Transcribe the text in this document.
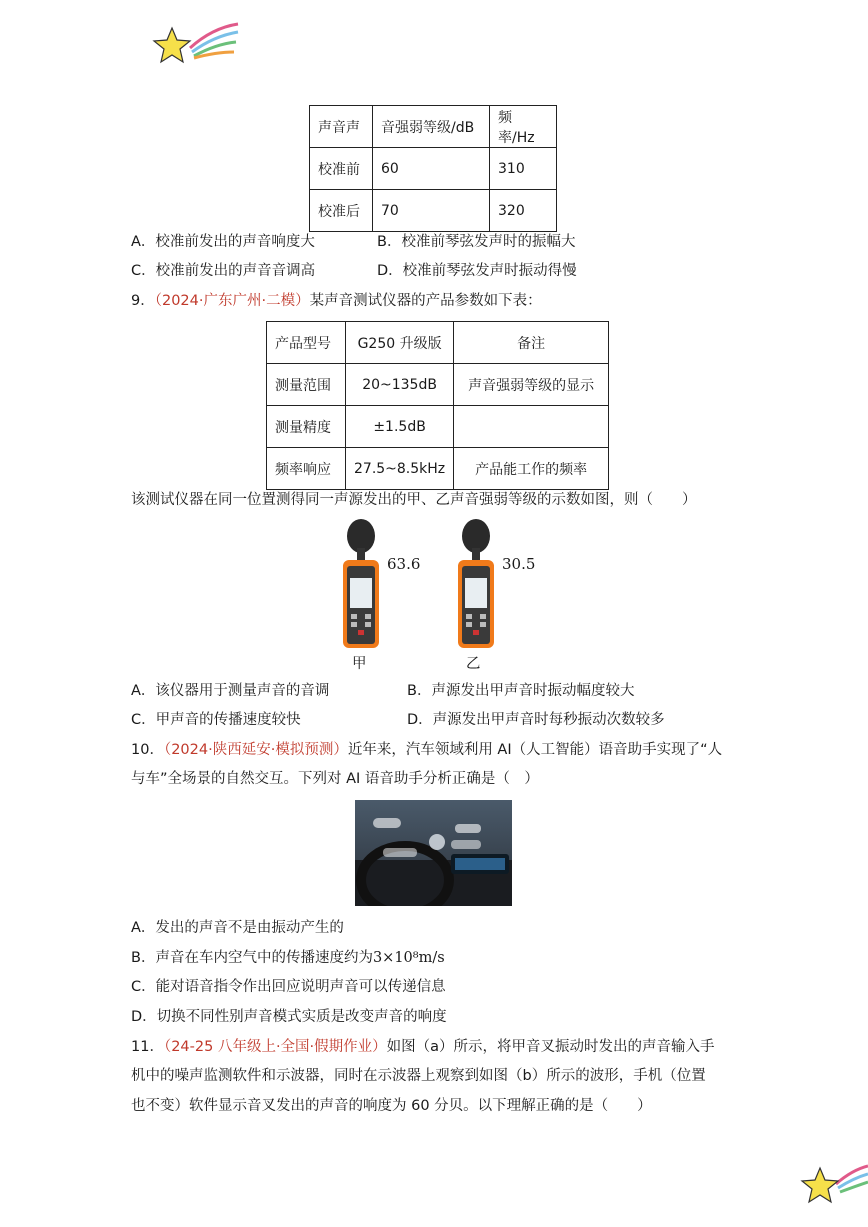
声音声	音强弱等级/dB	频率/Hz
校准前	60	310
校准后	70	320
A．校准前发出的声音响度大	B．校准前琴弦发声时的振幅大
C．校准前发出的声音音调高	D．校准前琴弦发声时振动得慢
9．（2024·广东广州·二模）某声音测试仪器的产品参数如下表：
产品型号	G250 升级版	备注
测量范围	20~135dB	声音强弱等级的显示
测量精度	±1.5dB	
频率响应	27.5~8.5kHz	产品能工作的频率
该测试仪器在同一位置测得同一声源发出的甲、乙声音强弱等级的示数如图，则（　　）
63.6
甲
30.5
乙
A．该仪器用于测量声音的音调	B．声源发出甲声音时振动幅度较大
C．甲声音的传播速度较快	D．声源发出甲声音时每秒振动次数较多
10．（2024·陕西延安·模拟预测）近年来，汽车领域利用 AI（人工智能）语音助手实现了“人
与车”全场景的自然交互。下列对 AI 语音助手分析正确是（　）
A．发出的声音不是由振动产生的
B．声音在车内空气中的传播速度约为3×10⁸m/s
C．能对语音指令作出回应说明声音可以传递信息
D．切换不同性别声音模式实质是改变声音的响度
11．（24-25 八年级上·全国·假期作业）如图（a）所示，将甲音叉振动时发出的声音输入手
机中的噪声监测软件和示波器，同时在示波器上观察到如图（b）所示的波形，手机（位置
也不变）软件显示音叉发出的声音的响度为 60 分贝。以下理解正确的是（　　）
